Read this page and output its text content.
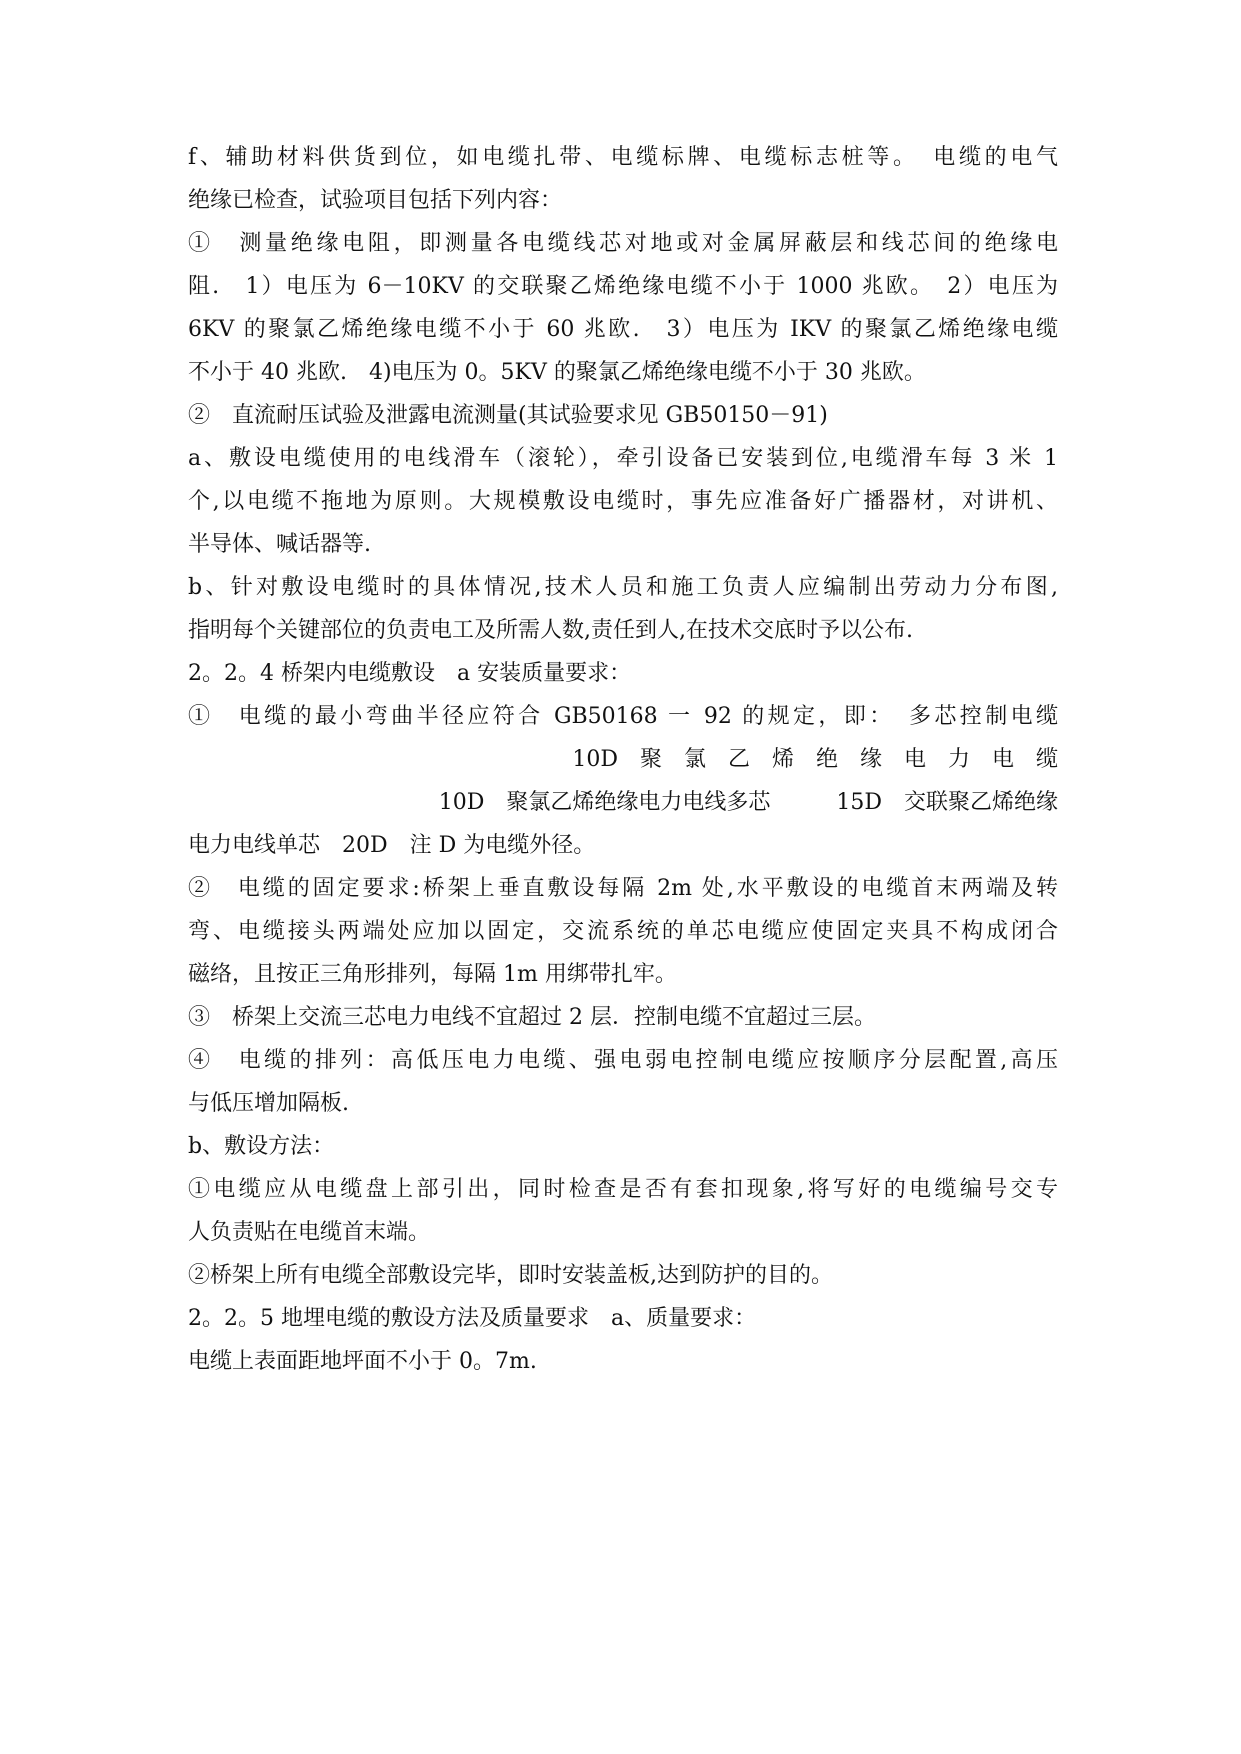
f、辅助材料供货到位，如电缆扎带、电缆标牌、电缆标志桩等。　电缆的电气
绝缘已检查，试验项目包括下列内容：
①　测量绝缘电阻，即测量各电缆线芯对地或对金属屏蔽层和线芯间的绝缘电
阻.　1）电压为 6－10KV 的交联聚乙烯绝缘电缆不小于 1000 兆欧。　2）电压为
6KV 的聚氯乙烯绝缘电缆不小于 60 兆欧.　3）电压为 IKV 的聚氯乙烯绝缘电缆
不小于 40 兆欧.　4)电压为 0。5KV 的聚氯乙烯绝缘电缆不小于 30 兆欧。
②　直流耐压试验及泄露电流测量(其试验要求见 GB50150－91)
a、敷设电缆使用的电线滑车（滚轮），牵引设备已安装到位,电缆滑车每 3 米 1
个,以电缆不拖地为原则。大规模敷设电缆时，事先应准备好广播器材，对讲机、
半导体、喊话器等.
b、针对敷设电缆时的具体情况,技术人员和施工负责人应编制出劳动力分布图,
指明每个关键部位的负责电工及所需人数,责任到人,在技术交底时予以公布.
2。2。4 桥架内电缆敷设　a 安装质量要求：
①　电缆的最小弯曲半径应符合 GB50168 一 92 的规定，即：　多芯控制电缆
10D　聚　氯　乙　烯　绝　缘　电　力　电　缆
10D　聚氯乙烯绝缘电力电线多芯　　　15D　交联聚乙烯绝缘
电力电线单芯　20D　注 D 为电缆外径。
②　电缆的固定要求:桥架上垂直敷设每隔 2m 处,水平敷设的电缆首末两端及转
弯、电缆接头两端处应加以固定，交流系统的单芯电缆应使固定夹具不构成闭合
磁络，且按正三角形排列，每隔 1m 用绑带扎牢。
③　桥架上交流三芯电力电线不宜超过 2 层．控制电缆不宜超过三层。
④　电缆的排列：高低压电力电缆、强电弱电控制电缆应按顺序分层配置,高压
与低压增加隔板.
b、敷设方法：
①电缆应从电缆盘上部引出，同时检查是否有套扣现象,将写好的电缆编号交专
人负责贴在电缆首末端。
②桥架上所有电缆全部敷设完毕，即时安装盖板,达到防护的目的。
2。2。5 地埋电缆的敷设方法及质量要求　a、质量要求：
电缆上表面距地坪面不小于 0。7m.
